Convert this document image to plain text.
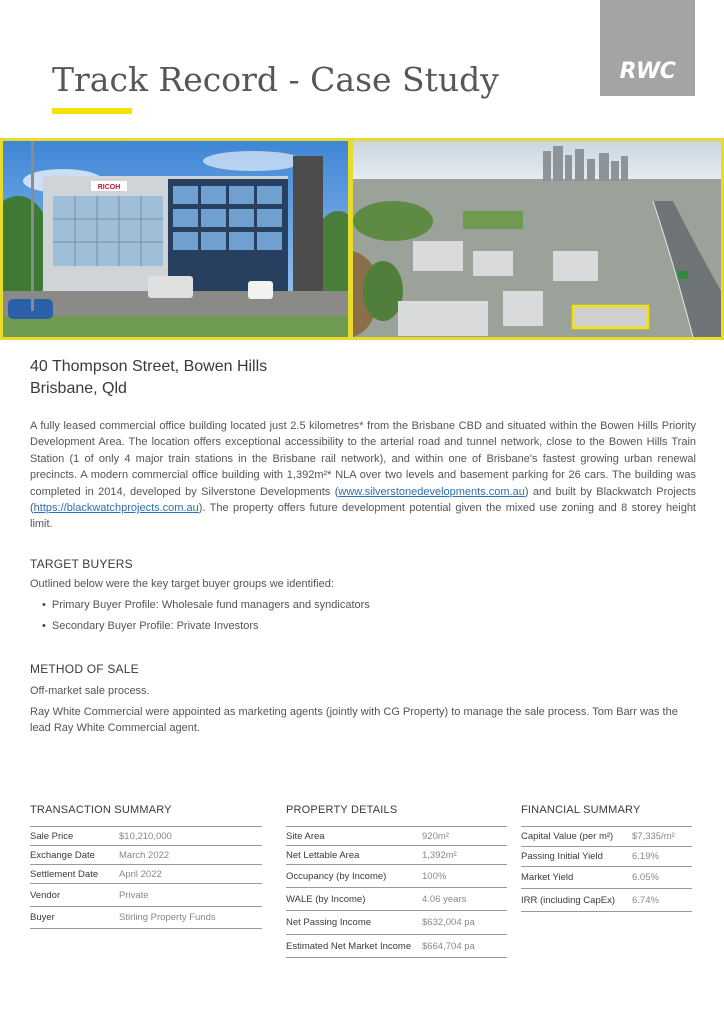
RWC
Track Record - Case Study
RICOH
40 Thompson Street, Bowen Hills
Brisbane, Qld

A fully leased commercial office building located just 2.5 kilometres* from the Brisbane CBD and situated within the Bowen Hills Priority Development Area. The location offers exceptional accessibility to the arterial road and tunnel network, close to the Bowen Hills Train Station (1 of only 4 major train stations in the Brisbane rail network), and within one of Brisbane's fastest growing urban renewal precincts. A modern commercial office building with 1,392m²* NLA over two levels and basement parking for 26 cars. The building was completed in 2014, developed by Silverstone Developments (www.silverstonedevelopments.com.au) and built by Blackwatch Projects (https://blackwatchprojects.com.au). The property offers future development potential given the mixed use zoning and 8 storey height limit.

TARGET BUYERS
Outlined below were the key target buyer groups we identified:
• Primary Buyer Profile: Wholesale fund managers and syndicators
• Secondary Buyer Profile: Private Investors
METHOD OF SALE
Off-market sale process.
Ray White Commercial were appointed as marketing agents (jointly with CG Property) to manage the sale process. Tom Barr was the lead Ray White Commercial agent.
TRANSACTION SUMMARY
Sale Price	$10,210,000
Exchange Date	March 2022
Settlement Date April 2022
Vendor	Private
Buyer	Stirling Property Funds
PROPERTY DETAILS
Site Area	920m²
Net Lettable Area	1,392m²
Occupancy (by Income)	100%
WALE (by Income)	4.06 years
Net Passing Income	$632,004 pa
Estimated Net Market Income $664,704 pa
FINANCIAL SUMMARY
Capital Value (per m²) $7,335/m²
Passing Initial Yield	6.19%
Market Yield	6.05%
IRR (including CapEx) 6.74%
